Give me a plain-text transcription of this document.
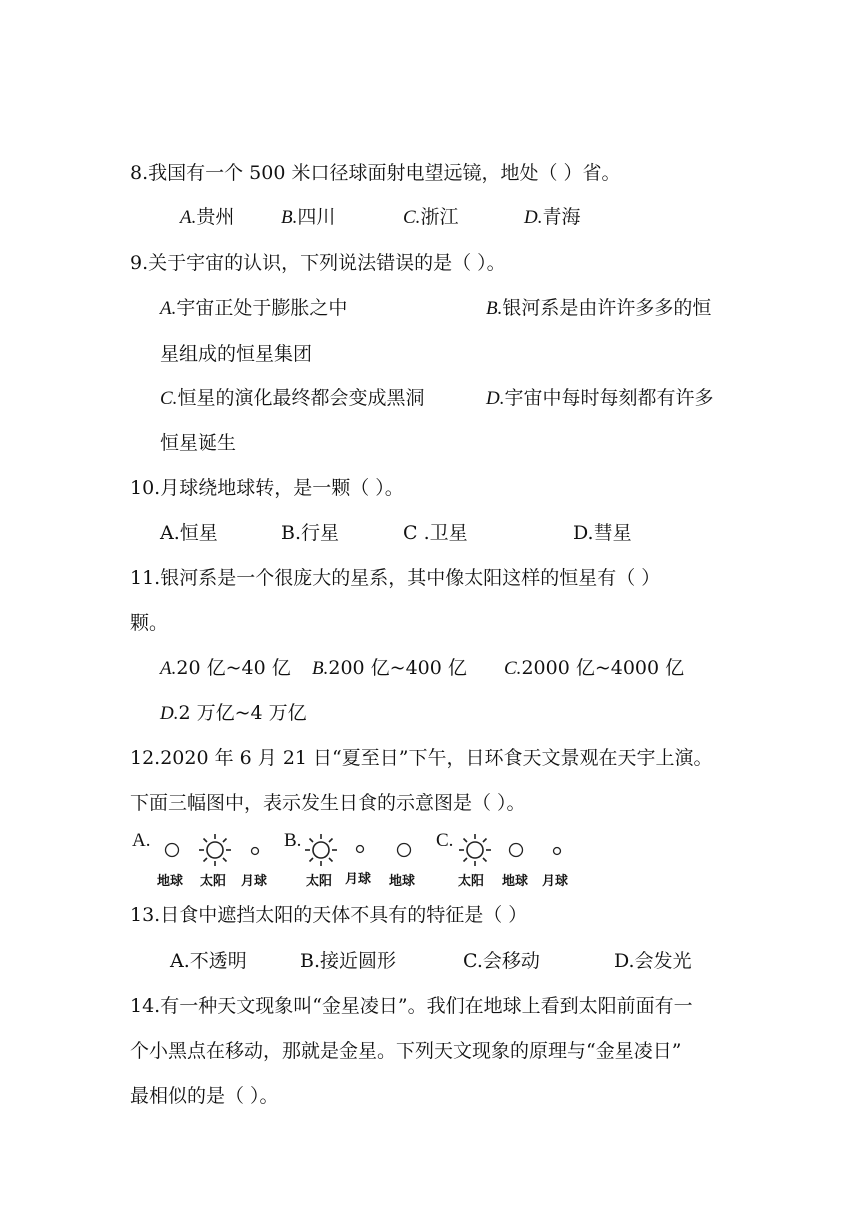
8.我国有一个 500 米口径球面射电望远镜，地处（ ）省。
A.贵州 B.四川	C.浙江	D.青海
9.关于宇宙的认识，下列说法错误的是（ ）。
A.宇宙正处于膨胀之中	B.银河系是由许许多多的恒
星组成的恒星集团
C.恒星的演化最终都会变成黑洞	D.宇宙中每时每刻都有许多
恒星诞生
10.月球绕地球转，是一颗（ ）。
A.恒星	B.行星	C .卫星	D.彗星
11.银河系是一个很庞大的星系，其中像太阳这样的恒星有（ ）
颗。
A.20 亿~40 亿 B.200 亿~400 亿 C.2000 亿~4000 亿
D.2 万亿~4 万亿
12.2020 年 6 月 21 日“夏至日”下午，日环食天文景观在天宇上演。
下面三幅图中，表示发生日食的示意图是（ ）。
A.
地球 太阳 月球
B.
太阳 月球 地球
C.
太阳 地球 月球
13.日食中遮挡太阳的天体不具有的特征是（ ）
A.不透明	B.接近圆形	C.会移动	D.会发光
14.有一种天文现象叫“金星凌日”。我们在地球上看到太阳前面有一
个小黑点在移动，那就是金星。下列天文现象的原理与“金星凌日”
最相似的是（ ）。
